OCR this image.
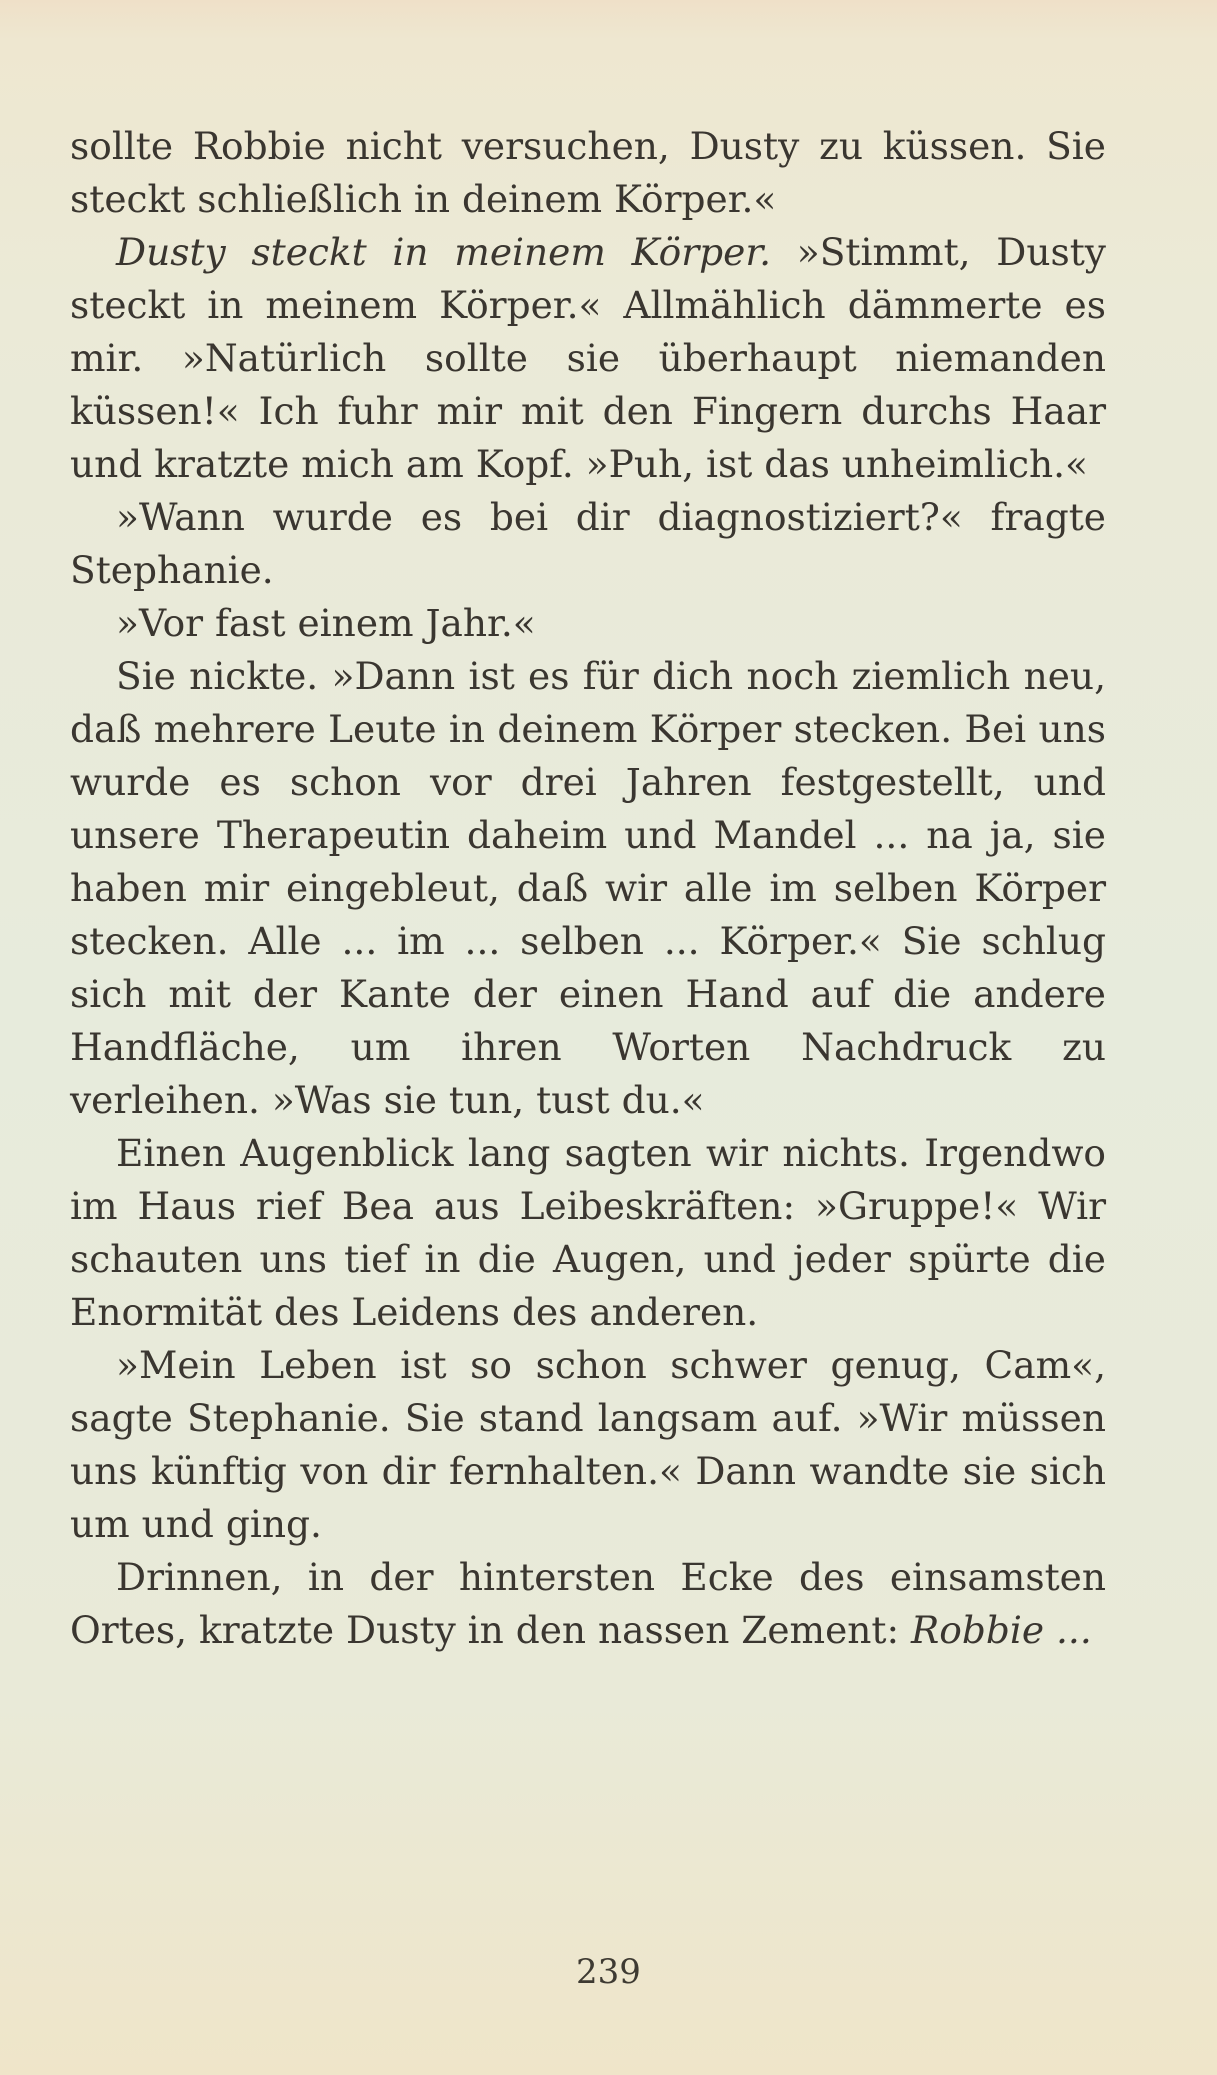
sollte Robbie nicht versuchen, Dusty zu küssen. Sie steckt schließlich in deinem Körper.«

Dusty steckt in meinem Körper. »Stimmt, Dusty steckt in meinem Körper.« Allmählich dämmerte es mir. »Natürlich sollte sie überhaupt niemanden küssen!« Ich fuhr mir mit den Fingern durchs Haar und kratzte mich am Kopf. »Puh, ist das unheimlich.«

»Wann wurde es bei dir diagnostiziert?« fragte Stephanie.

»Vor fast einem Jahr.«

Sie nickte. »Dann ist es für dich noch ziemlich neu, daß mehrere Leute in deinem Körper stecken. Bei uns wurde es schon vor drei Jahren festgestellt, und unsere Therapeutin daheim und Mandel ... na ja, sie haben mir eingebleut, daß wir alle im selben Körper stecken. Alle ... im ... selben ... Körper.« Sie schlug sich mit der Kante der einen Hand auf die andere Handfläche, um ihren Worten Nachdruck zu verleihen. »Was sie tun, tust du.«

Einen Augenblick lang sagten wir nichts. Irgendwo im Haus rief Bea aus Leibeskräften: »Gruppe!« Wir schauten uns tief in die Augen, und jeder spürte die Enormität des Leidens des anderen.

»Mein Leben ist so schon schwer genug, Cam«, sagte Stephanie. Sie stand langsam auf. »Wir müssen uns künftig von dir fernhalten.« Dann wandte sie sich um und ging.

Drinnen, in der hintersten Ecke des einsamsten Ortes, kratzte Dusty in den nassen Zement: Robbie ...

239
